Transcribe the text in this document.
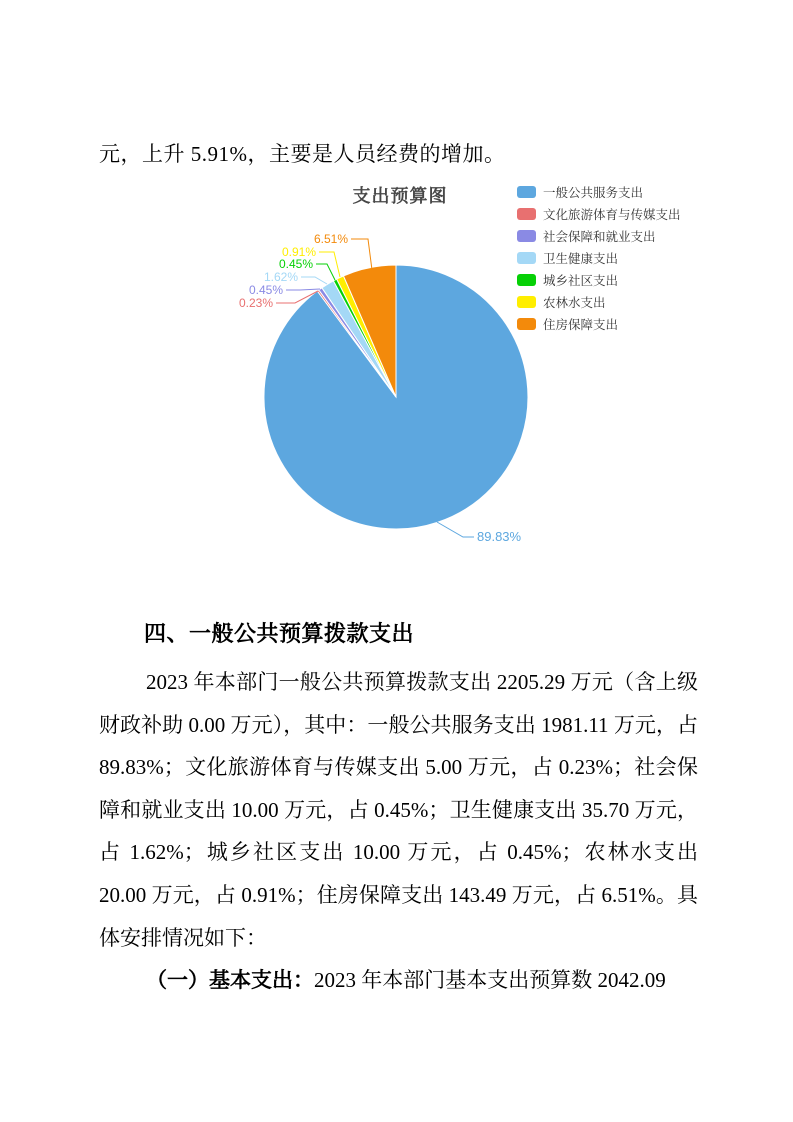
元，上升 5.91%，主要是人员经费的增加。
支出预算图
89.83%
0.23%
0.45%
1.62%
0.45%
0.91%
6.51%
一般公共服务支出
文化旅游体育与传媒支出
社会保障和就业支出
卫生健康支出
城乡社区支出
农林水支出
住房保障支出
四、一般公共预算拨款支出

2023 年本部门一般公共预算拨款支出 2205.29 万元（含上级财政补助 0.00 万元），其中：一般公共服务支出 1981.11 万元，占 89.83%；文化旅游体育与传媒支出 5.00 万元，占 0.23%；社会保障和就业支出 10.00 万元，占 0.45%；卫生健康支出 35.70 万元，占 1.62%；城乡社区支出 10.00 万元，占 0.45%；农林水支出 20.00 万元，占 0.91%；住房保障支出 143.49 万元，占 6.51%。具体安排情况如下：

（一）基本支出：2023 年本部门基本支出预算数 2042.09
